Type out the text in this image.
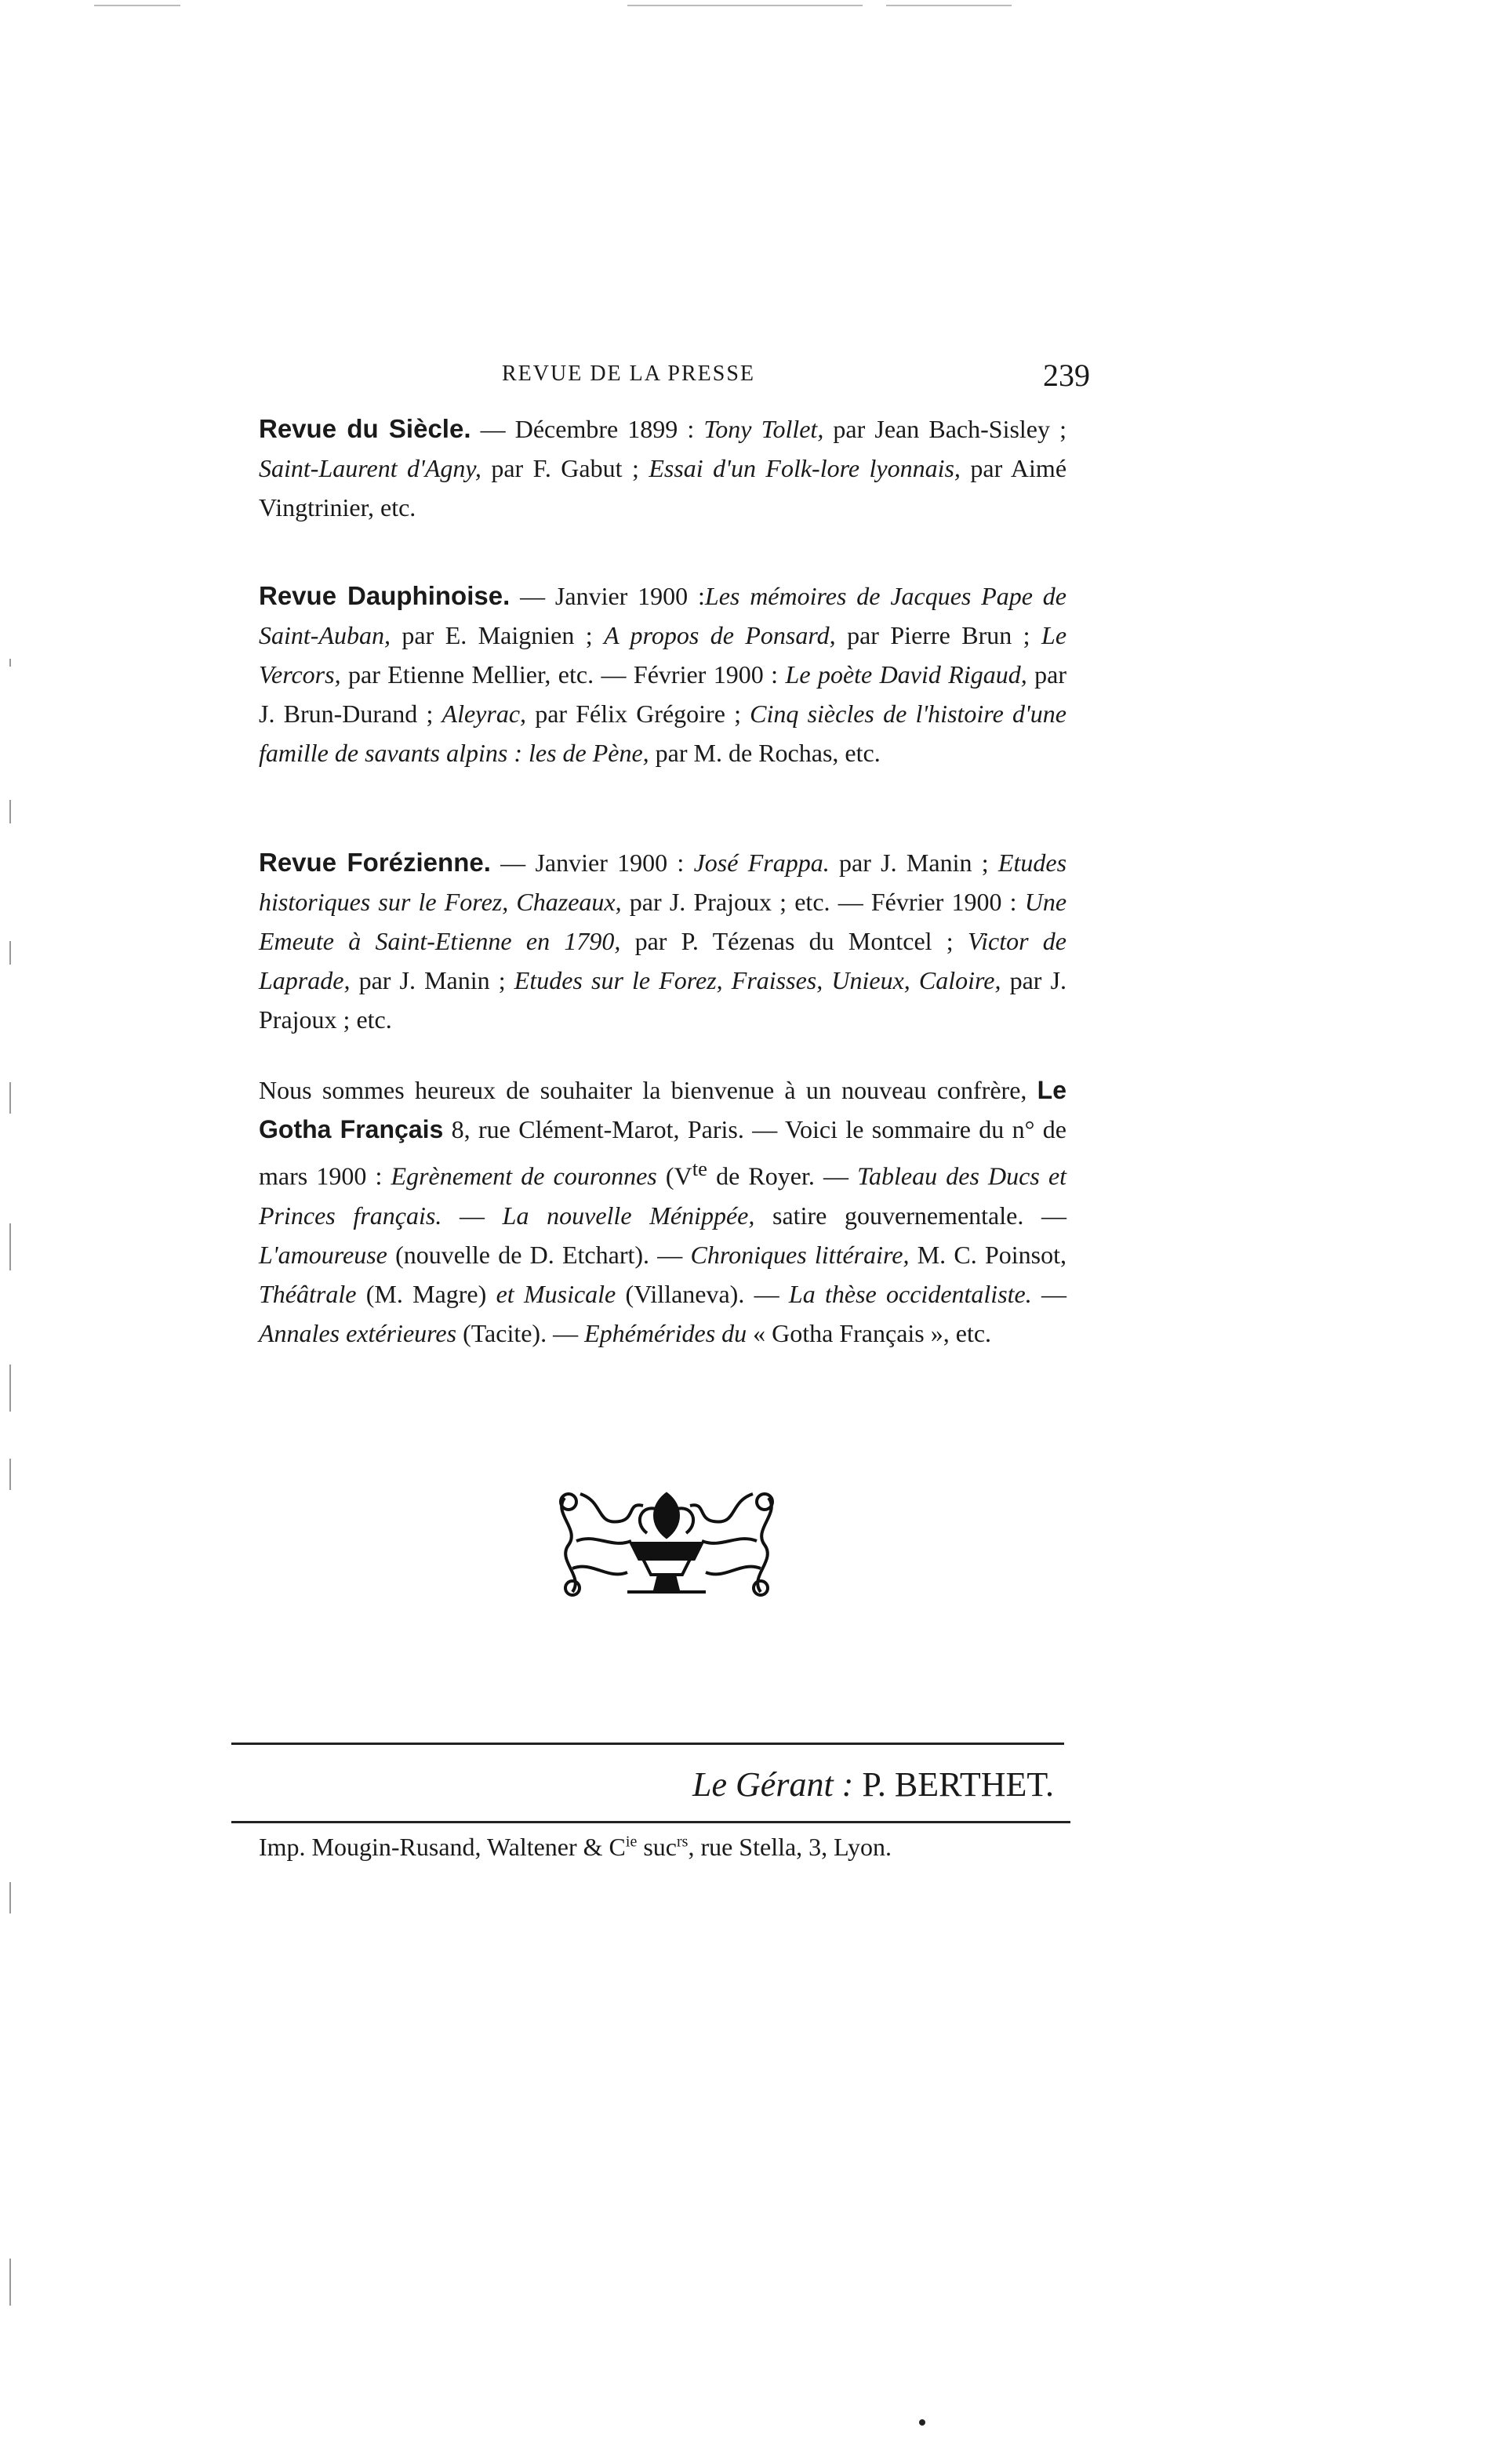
REVUE DE LA PRESSE	239
Revue du Siècle. — Décembre 1899 : Tony Tollet, par Jean Bach-Sisley ; Saint-Laurent d'Agny, par F. Gabut ; Essai d'un Folk-lore lyonnais, par Aimé Vingtrinier, etc.
Revue Dauphinoise. — Janvier 1900 :Les mémoires de Jacques Pape de Saint-Auban, par E. Maignien ; A propos de Ponsard, par Pierre Brun ; Le Vercors, par Etienne Mellier, etc. — Février 1900 : Le poète David Rigaud, par J. Brun-Durand ; Aleyrac, par Félix Grégoire ; Cinq siècles de l'histoire d'une famille de savants alpins : les de Pène, par M. de Rochas, etc.
Revue Forézienne. — Janvier 1900 : José Frappa. par J. Manin ; Etudes historiques sur le Forez, Chazeaux, par J. Prajoux ; etc. — Février 1900 : Une Emeute à Saint-Etienne en 1790, par P. Tézenas du Montcel ; Victor de Laprade, par J. Manin ; Etudes sur le Forez, Fraisses, Unieux, Caloire, par J. Prajoux ; etc.
Nous sommes heureux de souhaiter la bienvenue à un nouveau confrère, Le Gotha Français 8, rue Clément-Marot, Paris. — Voici le sommaire du n° de mars 1900 : Egrènement de couronnes ($V^{te}$ de Royer. — Tableau des Ducs et Princes français. — La nouvelle Ménippée, satire gouvernementale. — L'amoureuse (nouvelle de D. Etchart). — Chroniques littéraire, M. C. Poinsot, Théâtrale (M. Magre) et Musicale (Villaneva). — La thèse occidentaliste. — Annales extérieures (Tacite). — Ephémérides du « Gotha Français », etc.
Le Gérant : P. BERTHET.
Imp. Mougin-Rusand, Waltener & $C^{ie}$ suc$^{rs}$, rue Stella, 3, Lyon.
